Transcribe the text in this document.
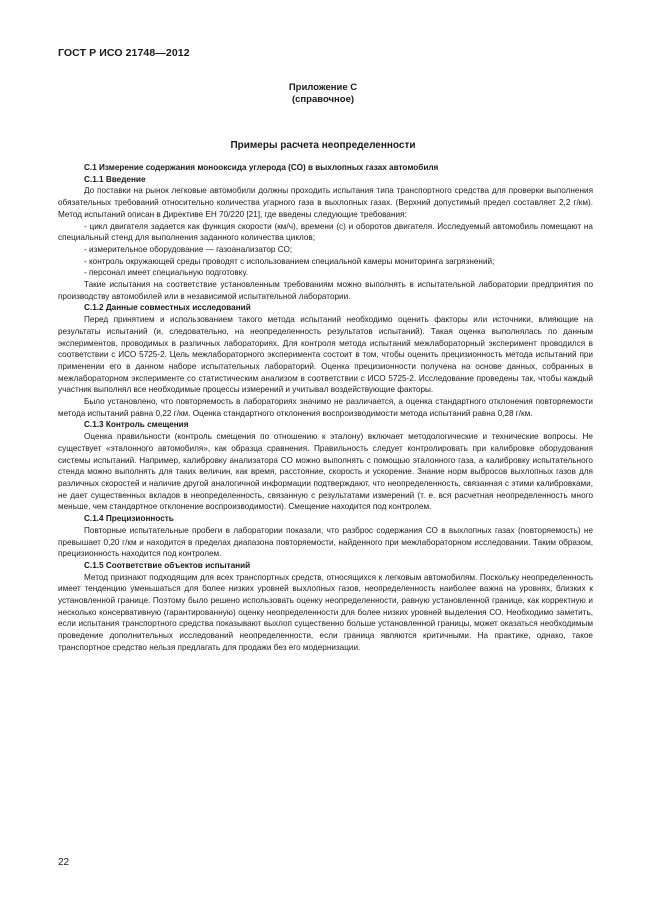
ГОСТ Р ИСО 21748—2012
Приложение С
(справочное)
Примеры расчета неопределенности

С.1 Измерение содержания монооксида углерода (СО) в выхлопных газах автомобиля

С.1.1 Введение

До поставки на рынок легковые автомобили должны проходить испытания типа транспортного средства для проверки выполнения обязательных требований относительно количества угарного газа в выхлопных газах. (Верхний допустимый предел составляет 2,2 г/км). Метод испытаний описан в Директиве ЕН 70/220 [21], где введены следующие требования:

- цикл двигателя задается как функция скорости (км/ч), времени (с) и оборотов двигателя. Исследуемый автомобиль помещают на специальный стенд для выполнения заданного количества циклов;

- измерительное оборудование — газоанализатор СО;

- контроль окружающей среды проводят с использованием специальной камеры мониторинга загрязнений;

- персонал имеет специальную подготовку.

Такие испытания на соответствие установленным требованиям можно выполнять в испытательной лаборатории предприятия по производству автомобилей или в независимой испытательной лаборатории.

С.1.2 Данные совместных исследований

Перед принятием и использованием такого метода испытаний необходимо оценить факторы или источники, влияющие на результаты испытаний (и, следовательно, на неопределенность результатов испытаний). Такая оценка выполнялась по данным экспериментов, проводимых в различных лабораториях. Для контроля метода испытаний межлабораторный эксперимент проводился в соответствии с ИСО 5725-2. Цель межлабораторного эксперимента состоит в том, чтобы оценить прецизионность метода испытаний при применении его в данном наборе испытательных лабораторий. Оценка прецизионности получена на основе данных, собранных в межлабораторном эксперименте со статистическим анализом в соответствии с ИСО 5725-2. Исследование проведены так, чтобы каждый участник выполнял все необходимые процессы измерений и учитывал воздействующие факторы.

Было установлено, что повторяемость в лабораториях значимо не различается, а оценка стандартного отклонения повторяемости метода испытаний равна 0,22 г/км. Оценка стандартного отклонения воспроизводимости метода испытаний равна 0,28 г/км.

С.1.3 Контроль смещения

Оценка правильности (контроль смещения по отношению к эталону) включает методологические и технические вопросы. Не существует «эталонного автомобиля», как образца сравнения. Правильность следует контролировать при калибровке оборудования системы испытаний. Например, калибровку анализатора СО можно выполнять с помощью эталонного газа, а калибровку испытательного стенда можно выполнять для таких величин, как время, расстояние, скорость и ускорение. Знание норм выбросов выхлопных газов для различных скоростей и наличие другой аналогичной информации подтверждают, что неопределенность, связанная с этими калибровками, не дает существенных вкладов в неопределенность, связанную с результатами измерений (т. е. вся расчетная неопределенность много меньше, чем стандартное отклонение воспроизводимости). Смещение находится под контролем.

С.1.4 Прецизионность

Повторные испытательные пробеги в лаборатории показали, что разброс содержания СО в выхлопных газах (повторяемость) не превышает 0,20 г/км и находится в пределах диапазона повторяемости, найденного при межлабораторном исследовании. Таким образом, прецизионность находится под контролем.

С.1.5 Соответствие объектов испытаний

Метод признают подходящим для всех транспортных средств, относящихся к легковым автомобилям. Поскольку неопределенность имеет тенденцию уменьшаться для более низких уровней выхлопных газов, неопределенность наиболее важна на уровнях, близких к установленной границе. Поэтому было решено использовать оценку неопределенности, равную установленной границе, как корректную и несколько консервативную (гарантированную) оценку неопределенности для более низких уровней выделения СО. Необходимо заметить, если испытания транспортного средства показывают выхлоп существенно больше установленной границы, может оказаться необходимым проведение дополнительных исследований неопределенности, если граница являются критичными. На практике, однако, такое транспортное средство нельзя предлагать для продажи без его модернизации.

22
